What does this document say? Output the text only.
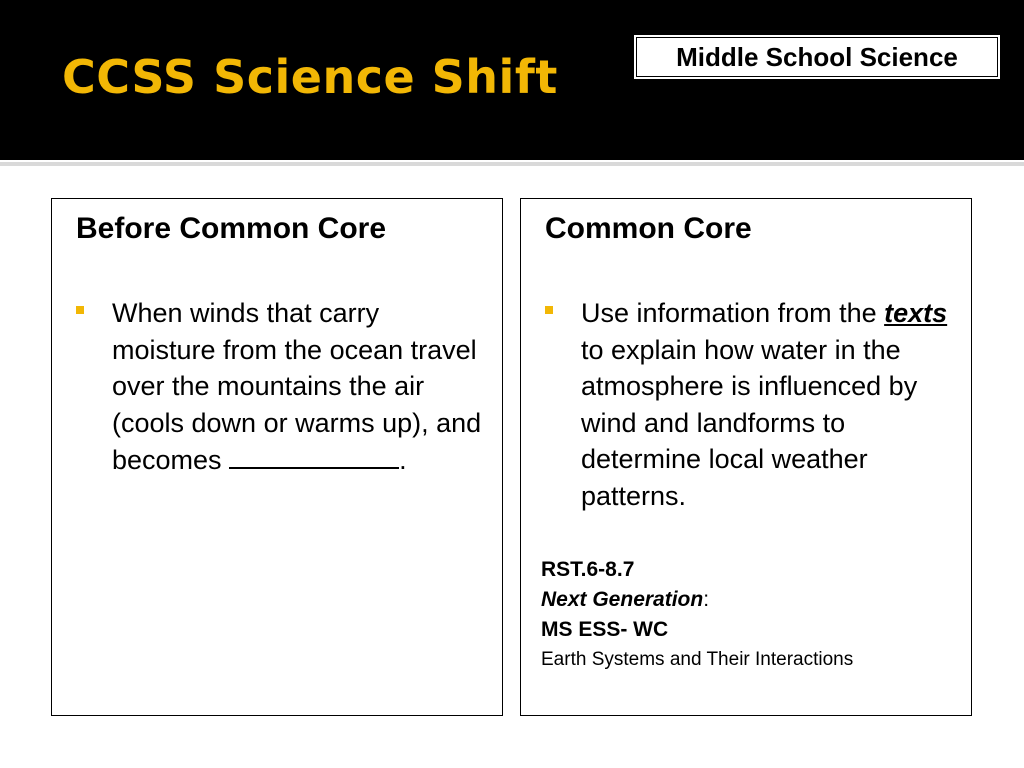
CCSS Science Shift	Middle School Science
Before Common Core
When winds that carry moisture from the ocean travel over the mountains the air (cools down or warms up), and becomes	.
Common Core
Use information from the texts to explain how water in the atmosphere is influenced by wind and landforms to determine local weather patterns.
RST.6-8.7
Next Generation:
MS ESS- WC
Earth Systems and Their Interactions
